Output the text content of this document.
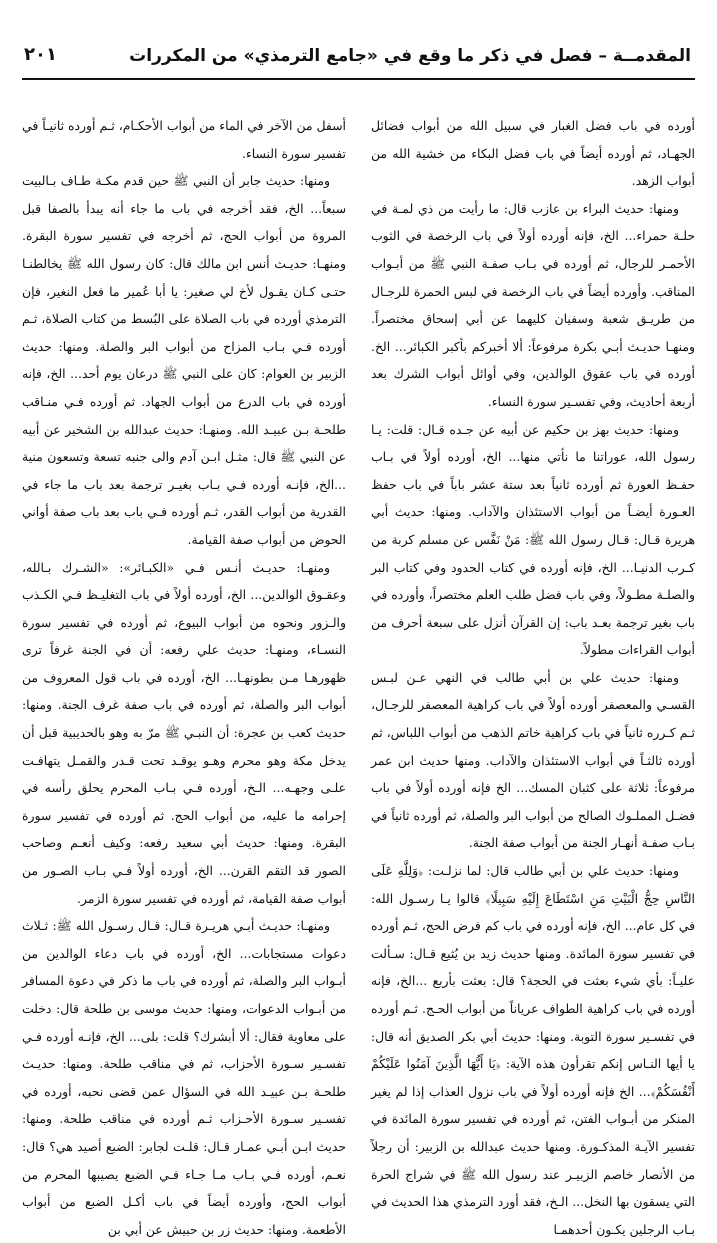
المقدمــة – فصل في ذكر ما وقع في «جامع الترمذي» من المكررات
٢٠١

أورده في باب فضل الغبار في سبيل الله من أبواب فضائل الجهـاد، ثم أورده أيضاً في باب فضل البكاء من خشية الله من أبواب الزهد.

ومنها: حديث البراء بن عازب قال: ما رأيت من ذي لمـة في حلـة حمراء... الخ، فإنه أورده أولاً في باب الرخصة في الثوب الأحمـر للرجال، ثم أورده في بـاب صفـة النبي ﷺ من أبـواب المناقب. وأورده أيضاً في باب الرخصة في لبس الحمرة للرجـال من طريـق شعبة وسفيان كليهما عن أبي إسحاق مختصراً. ومنهـا حديـث أبـي بكرة مرفوعاً: ألا أخبركم بأكبر الكبائر... الخ. أورده في باب عقوق الوالدين، وفي أوائل أبواب الشرك بعد أربعة أحاديث، وفي تفسـير سورة النساء.

ومنها: حديث بهز بن حكيم عن أبيه عن جـده قـال: قلت: يـا رسول الله، عوراتنا ما نأتي منها... الخ، أورده أولاً في بـاب حفـظ العورة ثم أورده ثانياً بعد ستة عشر باباً في باب حفظ العـورة أيضـاً من أبواب الاستئذان والآداب. ومنها: حديث أبي هريرة قـال: قـال رسول الله ﷺ: مَنْ نَفَّس عن مسلم كربة من كـرب الدنيـا... الخ، فإنه أورده في كتاب الحدود وفي كتاب البر والصلـة مطـولاً، وفي باب فضل طلب العلم مختصراً، وأورده في باب بغير ترجمة بعـد باب: إن القرآن أنزل على سبعة أحرف من أبواب القراءات مطولاً.

ومنها: حديث علي بن أبي طالب في النهي عـن لبـس القسـي والمعصفر أورده أولاً في باب كراهية المعصفر للرجـال، ثـم كـرره ثانياً في باب كراهية خاتم الذهب من أبواب اللباس، ثم أورده ثالثـاً في أبواب الاستئذان والآداب. ومنها حديث ابن عمر مرفوعاً: ثلاثة على كثبان المسك... الخ فإنه أورده أولاً في باب فضـل المملـوك الصالح من أبواب البر والصلة، ثم أورده ثانياً في بـاب صفـة أنهـار الجنة من أبواب صفة الجنة.

ومنها: حديث علي بن أبي طالب قال: لما نزلـت: ﴿وَلِلَّهِ عَلَى النَّاسِ حِجُّ الْبَيْتِ مَنِ اسْتَطَاعَ إِلَيْهِ سَبِيلًا﴾ قالوا يـا رسـول الله: في كل عام... الخ، فإنه أورده في باب كم فرض الحج، ثـم أورده في تفسير سورة المائدة. ومنها حديث زيد بن يُثيع قـال: سـألت عليـاً: بأي شيء بعثت في الحجة؟ قال: بعثت بأربع ...الخ، فإنه أورده في باب كراهية الطواف عرياناً من أبواب الحـج. ثـم أورده في تفسـير سورة التوبة. ومنها: حديث أبي بكر الصديق أنه قال: يا أيها النـاس إنكم تقرأون هذه الآية: ﴿يَا أَيُّهَا الَّذِينَ آمَنُوا عَلَيْكُمْ أَنْفُسَكُمْ﴾... الخ فإنه أورده أولاً في باب نزول العذاب إذا لم يغير المنكر من أبـواب الفتن، ثم أورده في تفسير سورة المائدة في تفسير الآيـة المذكـورة. ومنها حديث عبدالله بن الزبير: أن رجلاً من الأنصار خاصم الزبيـر عند رسول الله ﷺ في شراج الحرة التي يسقون بها النخل... الـخ، فقد أورد الترمذي هذا الحديث في بـاب الرجلين يكـون أحدهمـا

أسفل من الآخر في الماء من أبواب الأحكـام، ثـم أورده ثانيـاً في تفسير سورة النساء.

ومنها: حديث جابر أن النبي ﷺ حين قدم مكـة طـاف بـالبيت سبعاً... الخ، فقد أخرجه في باب ما جاء أنه يبدأ بالصفا قبل المروة من أبواب الحج، ثم أخرجه في تفسير سورة البقرة. ومنهـا: حديـث أنس ابن مالك قال: كان رسول الله ﷺ يخالطنـا حتـى كـان يقـول لأخ لي صغير: يا أبا عُمير ما فعل النغير، فإن الترمذي أورده في باب الصلاة على البُسط من كتاب الصلاة، ثـم أورده فـي بـاب المزاح من أبواب البر والصلة. ومنها: حديث الزبير بن العوام: كان على النبي ﷺ درعان يوم أحد... الخ، فإنه أورده في باب الدرع من أبواب الجهاد. ثم أورده فـي منـاقب طلحـة بـن عبيـد الله. ومنهـا: حديث عبدالله بن الشخير عن أبيه عن النبي ﷺ قال: مثـل ابـن آدم والى جنبه تسعة وتسعون منية ...الخ، فإنـه أورده فـي بـاب بغيـر ترجمة بعد باب ما جاء في القدرية من أبواب القدر، ثـم أورده فـي باب بعد باب صفة أواني الحوض من أبواب صفة القيامة.

ومنهـا: حديـث أنـس فـي «الكبـائر»: «الشـرك بـالله، وعقـوق الوالدين... الخ، أورده أولاً في باب التغليـظ فـي الكـذب والـزور ونحوه من أبواب البيوع، ثم أورده في تفسير سورة النسـاء، ومنهـا: حديث علي رفعه: أن في الجنة غرفاً ترى ظهورهـا مـن بطونهـا... الخ، أورده في باب قول المعروف من أبواب البر والصلة، ثم أورده في باب صفة غرف الجنة. ومنها: حديث كعب بن عجرة: أن النبـي ﷺ مرّ به وهو بالحديبية قبل أن يدخل مكة وهو محرم وهـو يوقـد تحت قـدر والقمـل يتهافـت علـى وجهـه... الـخ، أورده فـي بـاب المحرم يحلق رأسه في إحرامه ما عليه، من أبواب الحج. ثم أورده في تفسير سورة البقرة. ومنها: حديث أبي سعيد رفعه: وكيف أنعـم وصاحب الصور قد التقم القرن... الخ، أورده أولاً فـي بـاب الصـور من أبواب صفة القيامة، ثم أورده في تفسير سورة الزمر.

ومنهـا: حديـث أبـي هريـرة قـال: قـال رسـول الله ﷺ: ثـلاث دعوات مستجابات... الخ، أورده في باب دعاء الوالدين من أبـواب البر والصلة، ثم أورده في باب ما ذكر في دعوة المسافر من أبـواب الدعوات، ومنها: حديث موسى بن طلحة قال: دخلت على معاوية فقال: ألا أبشرك؟ قلت: بلى... الخ، فإنـه أورده فـي تفسـير سـورة الأحزاب، ثم في مناقب طلحة. ومنها: حديـث طلحـة بـن عبيـد الله في السؤال عمن قضى نحبه، أورده في تفسـير سـورة الأحـزاب ثـم أورده في مناقب طلحة. ومنها: حديث ابـن أبـي عمـار قـال: قلـت لجابر: الضبع أصيد هي؟ قال: نعـم، أورده فـي بـاب مـا جـاء فـي الضبع يصيبها المحرم من أبواب الحج، وأورده أيضاً في باب أكـل الضبع من أبواب الأطعمة. ومنها: حديث زر بن حبيش عن أبي بن
